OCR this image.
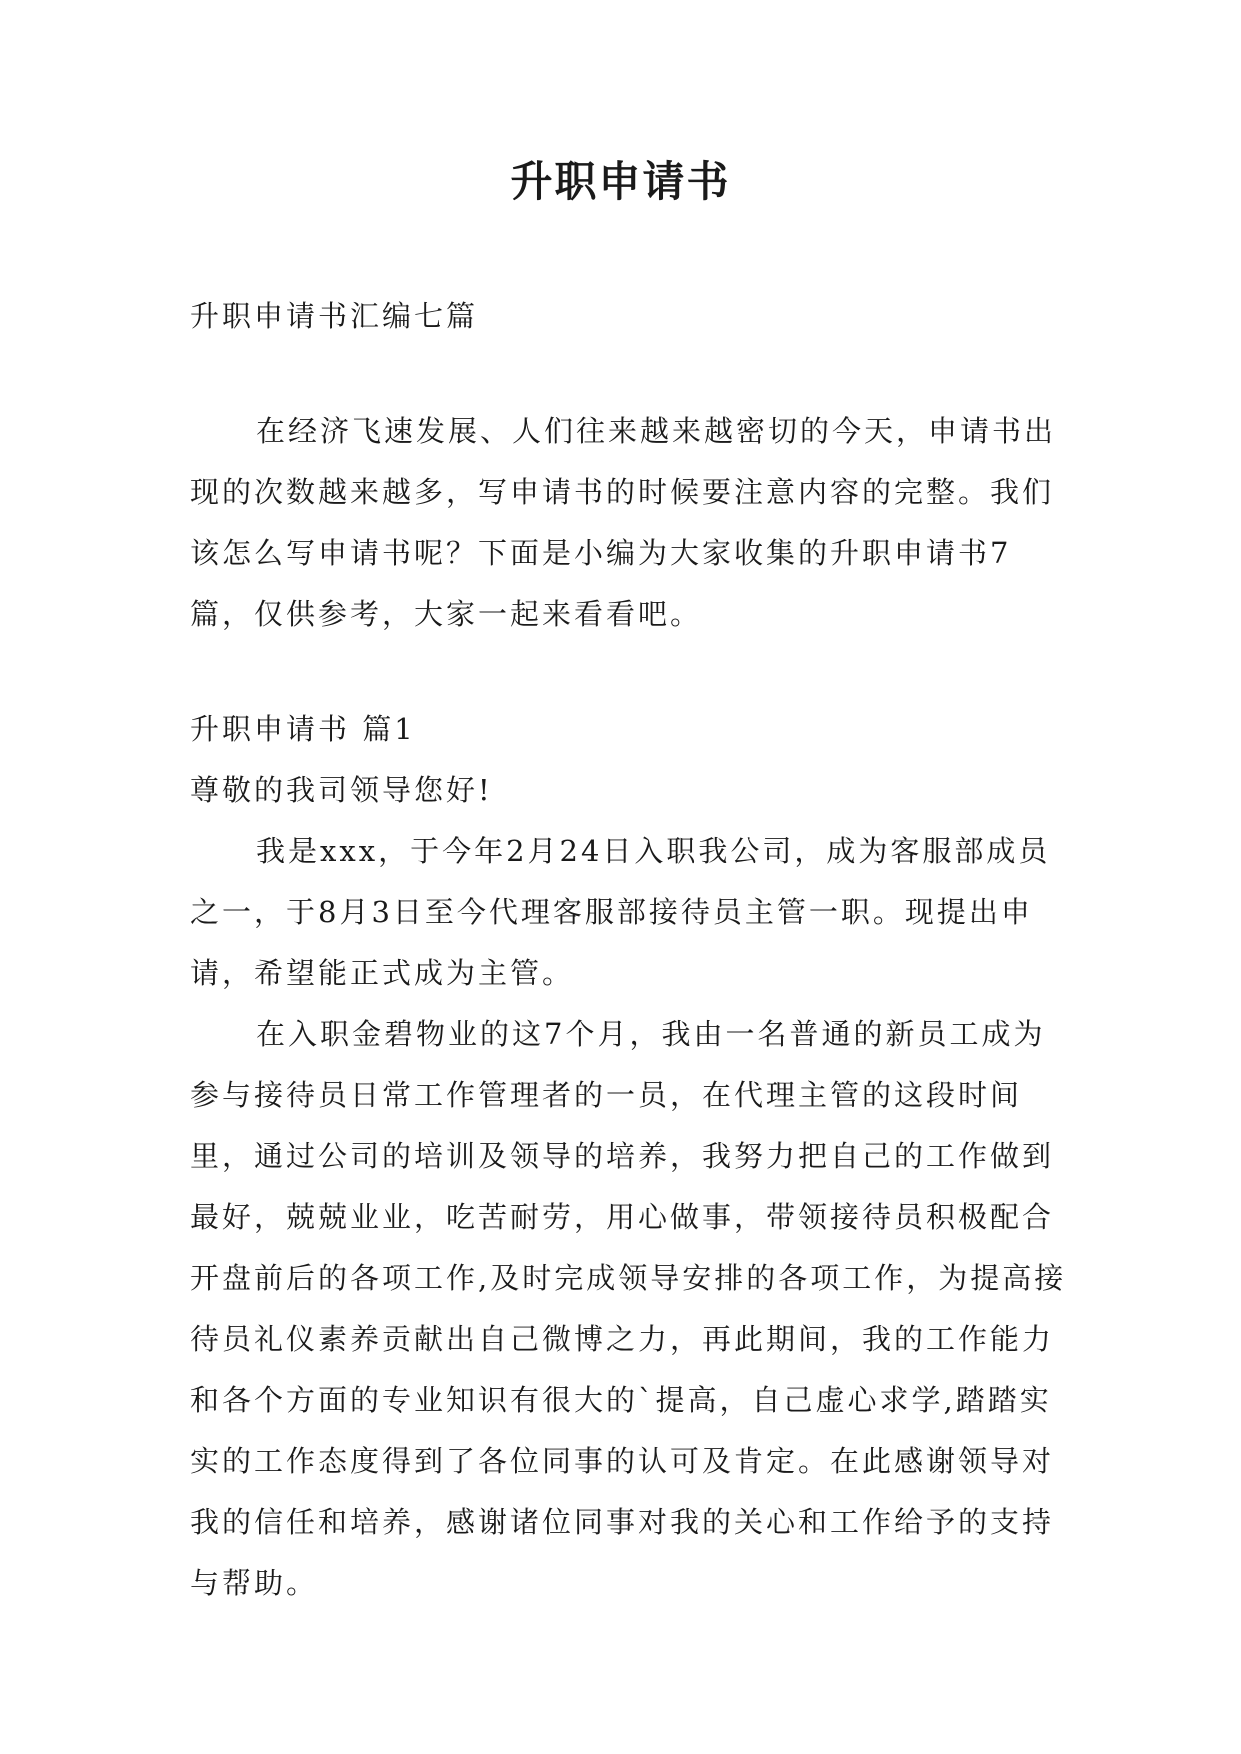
升职申请书

升职申请书汇编七篇

在经济飞速发展、人们往来越来越密切的今天，申请书出现的次数越来越多，写申请书的时候要注意内容的完整。我们该怎么写申请书呢？下面是小编为大家收集的升职申请书7篇，仅供参考，大家一起来看看吧。

升职申请书 篇1

尊敬的我司领导您好!

我是xxx，于今年2月24日入职我公司，成为客服部成员之一，于8月3日至今代理客服部接待员主管一职。现提出申请，希望能正式成为主管。

在入职金碧物业的这7个月，我由一名普通的新员工成为参与接待员日常工作管理者的一员，在代理主管的这段时间里，通过公司的培训及领导的培养，我努力把自己的工作做到最好，兢兢业业，吃苦耐劳，用心做事，带领接待员积极配合开盘前后的各项工作,及时完成领导安排的各项工作，为提高接待员礼仪素养贡献出自己微博之力，再此期间，我的工作能力和各个方面的专业知识有很大的`提高，自己虚心求学,踏踏实实的工作态度得到了各位同事的认可及肯定。在此感谢领导对我的信任和培养，感谢诸位同事对我的关心和工作给予的支持与帮助。
